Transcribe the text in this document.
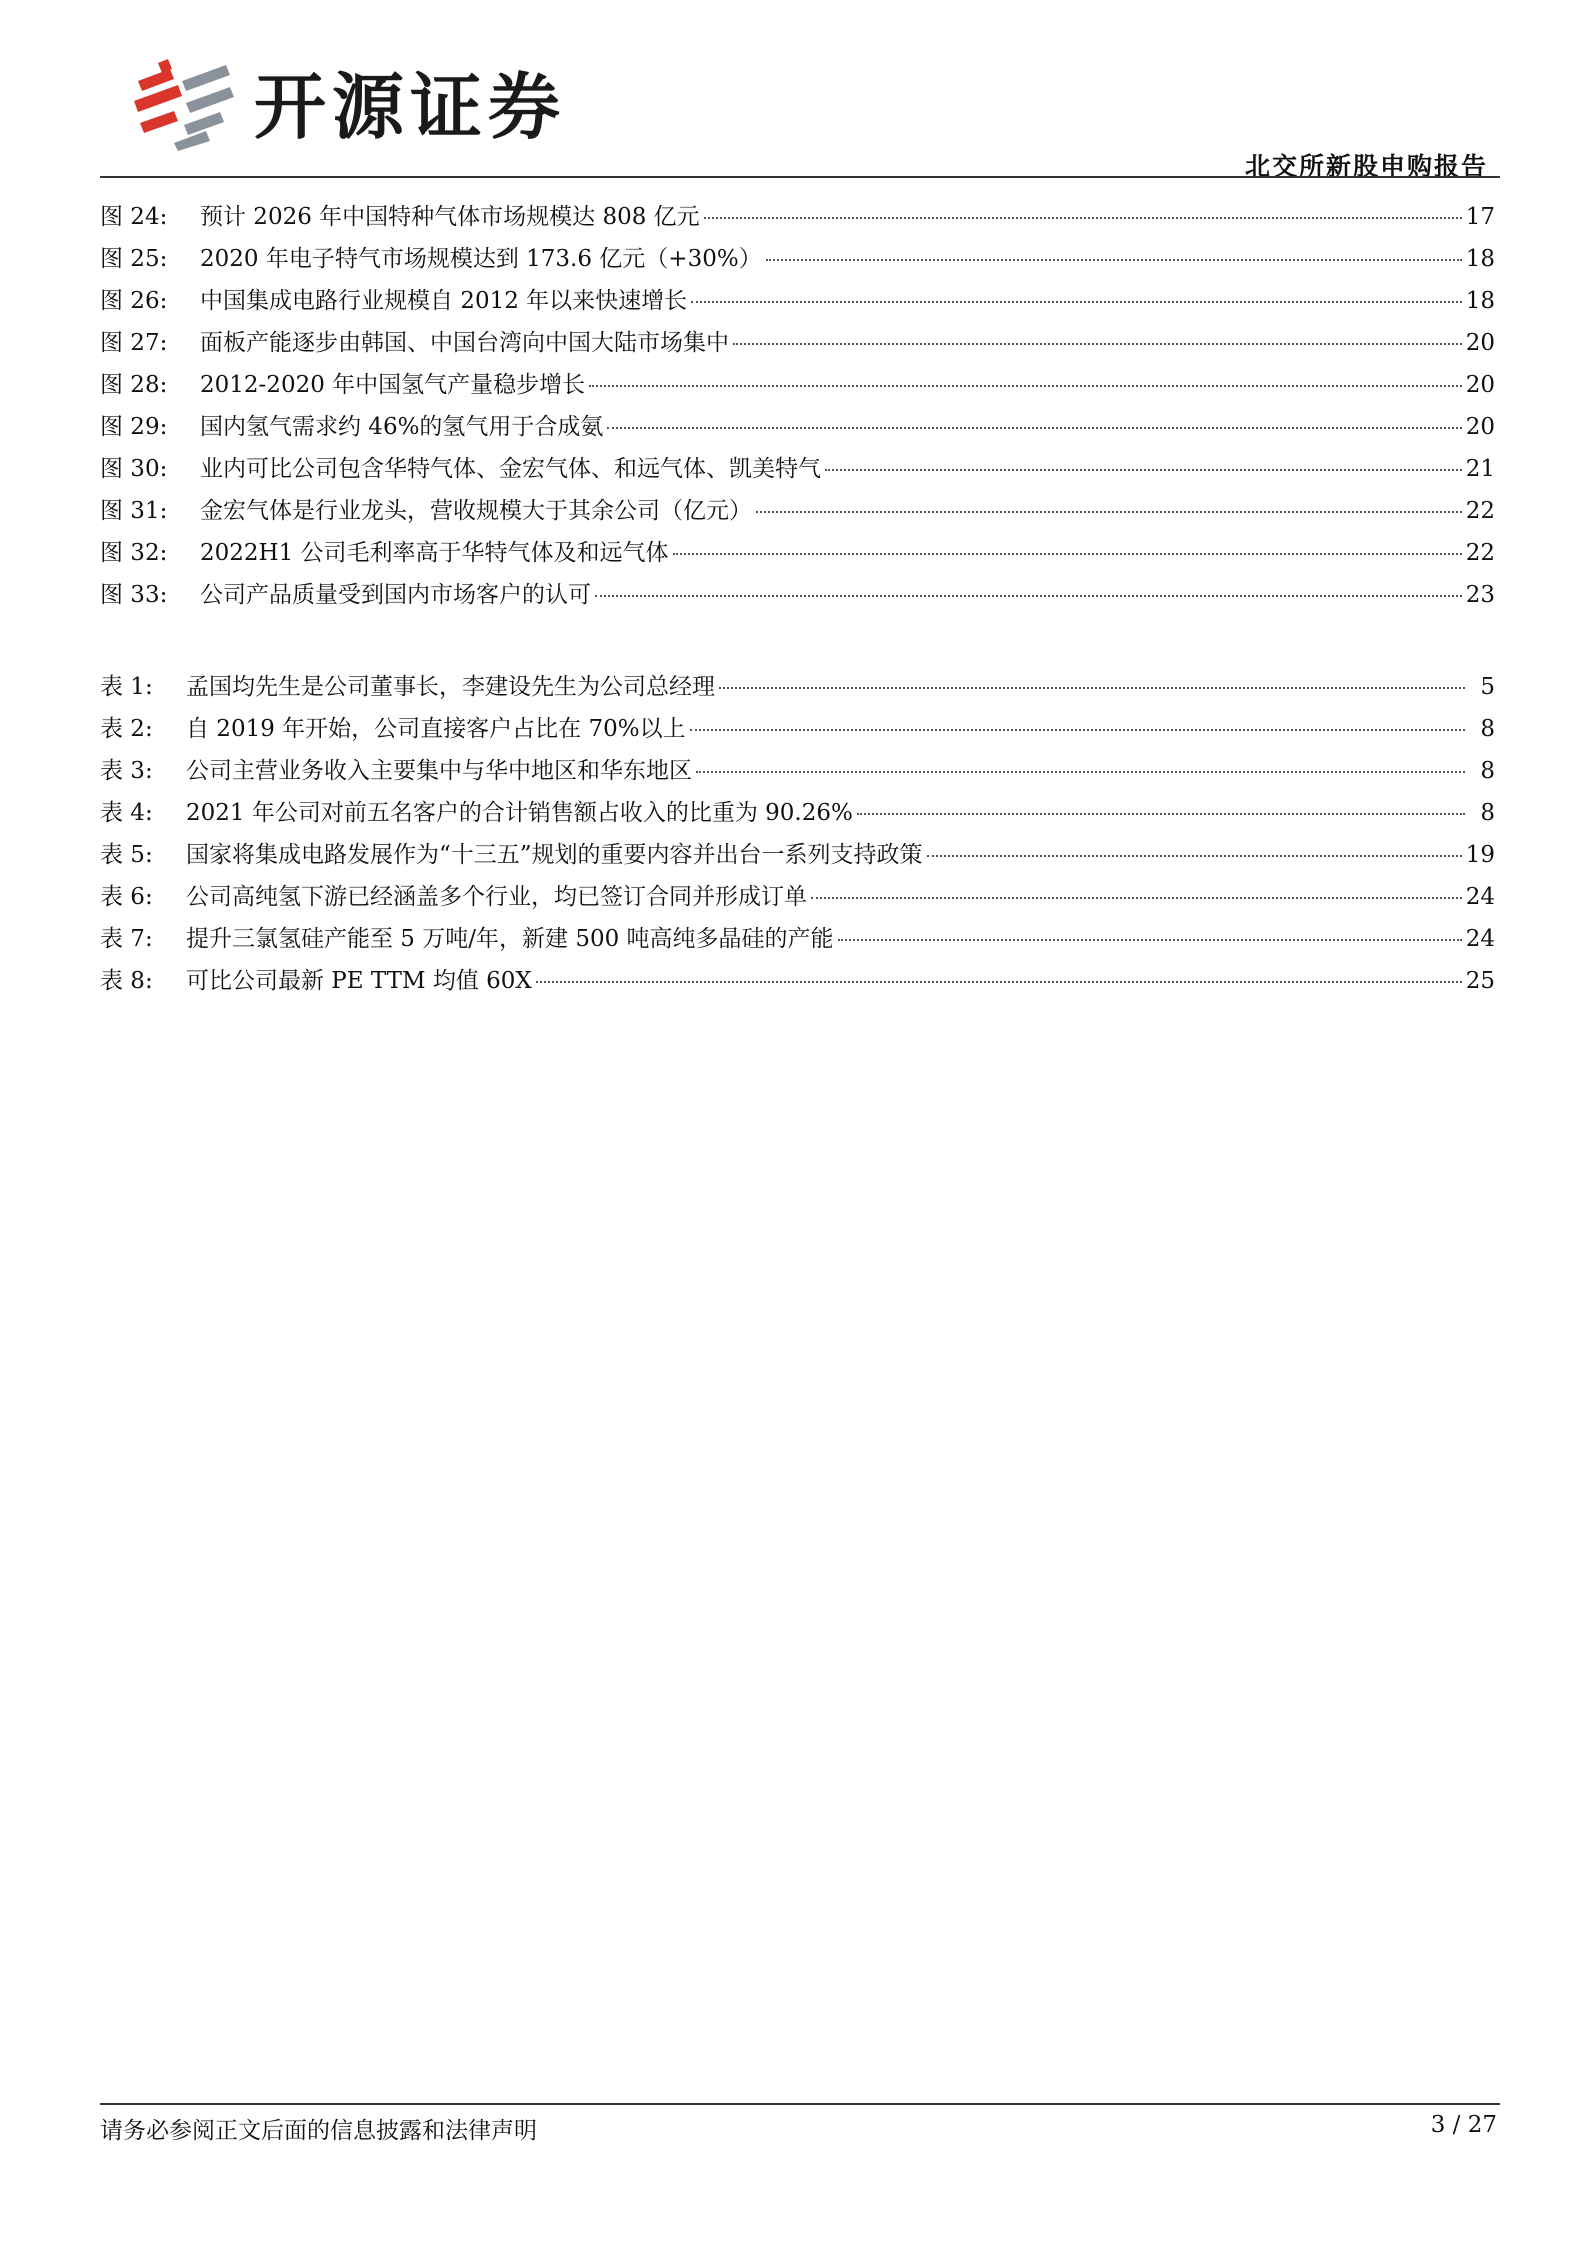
开源证券
北交所新股申购报告
图 24:	预计 2026 年中国特种气体市场规模达 808 亿元	17
图 25:	2020 年电子特气市场规模达到 173.6 亿元（+30%）	18
图 26:	中国集成电路行业规模自 2012 年以来快速增长	18
图 27:	面板产能逐步由韩国、中国台湾向中国大陆市场集中	20
图 28:	2012-2020 年中国氢气产量稳步增长	20
图 29:	国内氢气需求约 46%的氢气用于合成氨	20
图 30:	业内可比公司包含华特气体、金宏气体、和远气体、凯美特气	21
图 31:	金宏气体是行业龙头，营收规模大于其余公司（亿元）	22
图 32:	2022H1 公司毛利率高于华特气体及和远气体	22
图 33:	公司产品质量受到国内市场客户的认可	23
表 1:	孟国均先生是公司董事长，李建设先生为公司总经理	5
表 2:	自 2019 年开始，公司直接客户占比在 70%以上	8
表 3:	公司主营业务收入主要集中与华中地区和华东地区	8
表 4:	2021 年公司对前五名客户的合计销售额占收入的比重为 90.26%	8
表 5:	国家将集成电路发展作为“十三五”规划的重要内容并出台一系列支持政策	19
表 6:	公司高纯氢下游已经涵盖多个行业，均已签订合同并形成订单	24
表 7:	提升三氯氢硅产能至 5 万吨/年，新建 500 吨高纯多晶硅的产能	24
表 8:	可比公司最新 PE TTM 均值 60X	25
请务必参阅正文后面的信息披露和法律声明	3 / 27
